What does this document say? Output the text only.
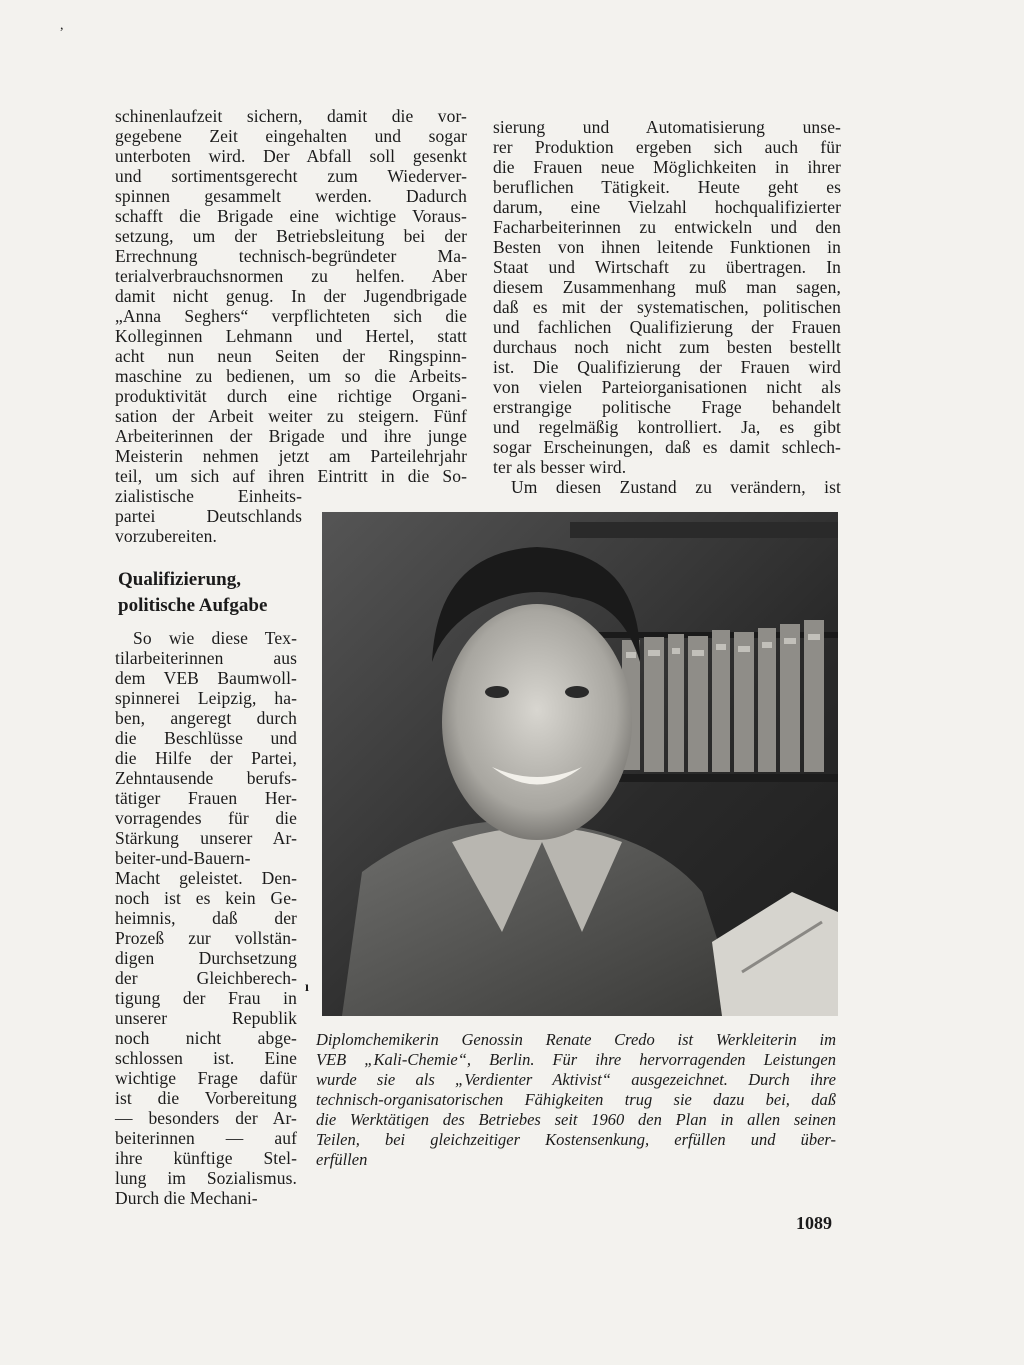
schinenlaufzeit sichern, damit die vor-

gegebene Zeit eingehalten und sogar

unterboten wird. Der Abfall soll gesenkt

und sortimentsgerecht zum Wiederver-

spinnen gesammelt werden. Dadurch

schafft die Brigade eine wichtige Voraus-

setzung, um der Betriebsleitung bei der

Errechnung technisch-begründeter Ma-

terialverbrauchsnormen zu helfen. Aber

damit nicht genug. In der Jugendbrigade

„Anna Seghers“ verpflichteten sich die

Kolleginnen Lehmann und Hertel, statt

acht nun neun Seiten der Ringspinn-

maschine zu bedienen, um so die Arbeits-

produktivität durch eine richtige Organi-

sation der Arbeit weiter zu steigern. Fünf

Arbeiterinnen der Brigade und ihre junge

Meisterin nehmen jetzt am Parteilehrjahr

teil, um sich auf ihren Eintritt in die So-

zialistische Einheits-

partei Deutschlands

vorzubereiten.

sierung und Automatisierung unse-

rer Produktion ergeben sich auch für

die Frauen neue Möglichkeiten in ihrer

beruflichen Tätigkeit. Heute geht es

darum, eine Vielzahl hochqualifizierter

Facharbeiterinnen zu entwickeln und den

Besten von ihnen leitende Funktionen in

Staat und Wirtschaft zu übertragen. In

diesem Zusammenhang muß man sagen,

daß es mit der systematischen, politischen

und fachlichen Qualifizierung der Frauen

durchaus noch nicht zum besten bestellt

ist. Die Qualifizierung der Frauen wird

von vielen Parteiorganisationen nicht als

erstrangige politische Frage behandelt

und regelmäßig kontrolliert. Ja, es gibt

sogar Erscheinungen, daß es damit schlech-

ter als besser wird.

Um diesen Zustand zu verändern, ist

Qualifizierung,
politische Aufgabe

So wie diese Tex-

tilarbeiterinnen aus

dem VEB Baumwoll-

spinnerei Leipzig, ha-

ben, angeregt durch

die Beschlüsse und

die Hilfe der Partei,

Zehntausende berufs-

tätiger Frauen Her-

vorragendes für die

Stärkung unserer Ar-

beiter-und-Bauern-

Macht geleistet. Den-

noch ist es kein Ge-

heimnis, daß der

Prozeß zur vollstän-

digen Durchsetzung

der Gleichberech-

tigung der Frau in

unserer Republik

noch nicht abge-

schlossen ist. Eine

wichtige Frage dafür

ist die Vorbereitung

— besonders der Ar-

beiterinnen — auf

ihre künftige Stel-

lung im Sozialismus.

Durch die Mechani-

Diplomchemikerin Genossin Renate Credo ist Werkleiterin im

VEB „Kali-Chemie“, Berlin. Für ihre hervorragenden Leistungen

wurde sie als „Verdienter Aktivist“ ausgezeichnet. Durch ihre

technisch-organisatorischen Fähigkeiten trug sie dazu bei, daß

die Werktätigen des Betriebes seit 1960 den Plan in allen seinen

Teilen, bei gleichzeitiger Kostensenkung, erfüllen und über-

erfüllen

1089

,

ı
